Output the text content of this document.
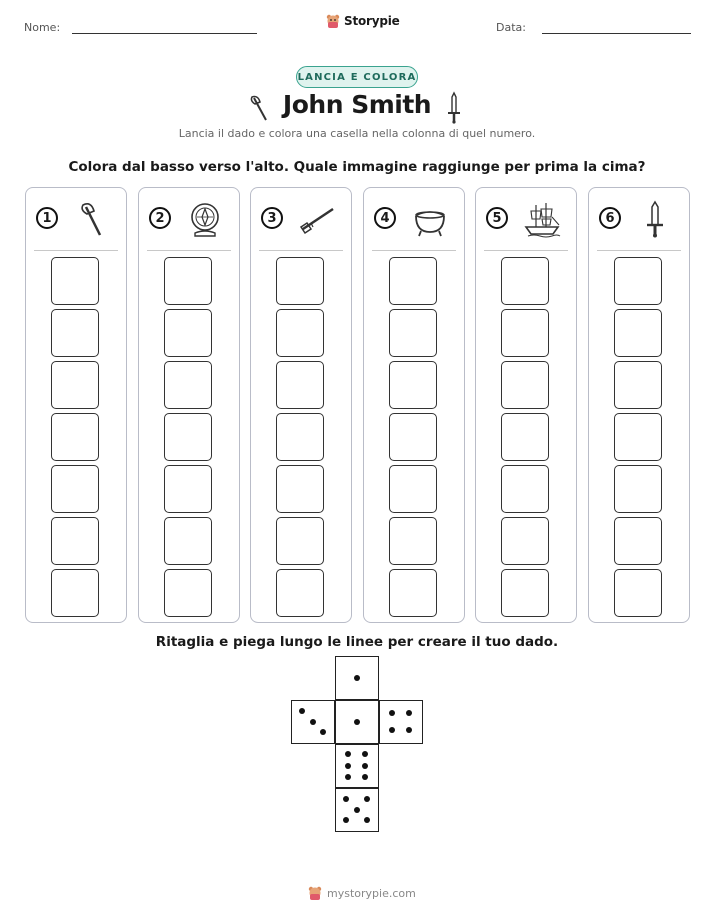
Nome:	Storypie	Data:
LANCIA E COLORA
John Smith
Lancia il dado e colora una casella nella colonna di quel numero.
Colora dal basso verso l'alto. Quale immagine raggiunge per prima la cima?
1	2	3	4	5	6
Ritaglia e piega lungo le linee per creare il tuo dado.
mystorypie.com
